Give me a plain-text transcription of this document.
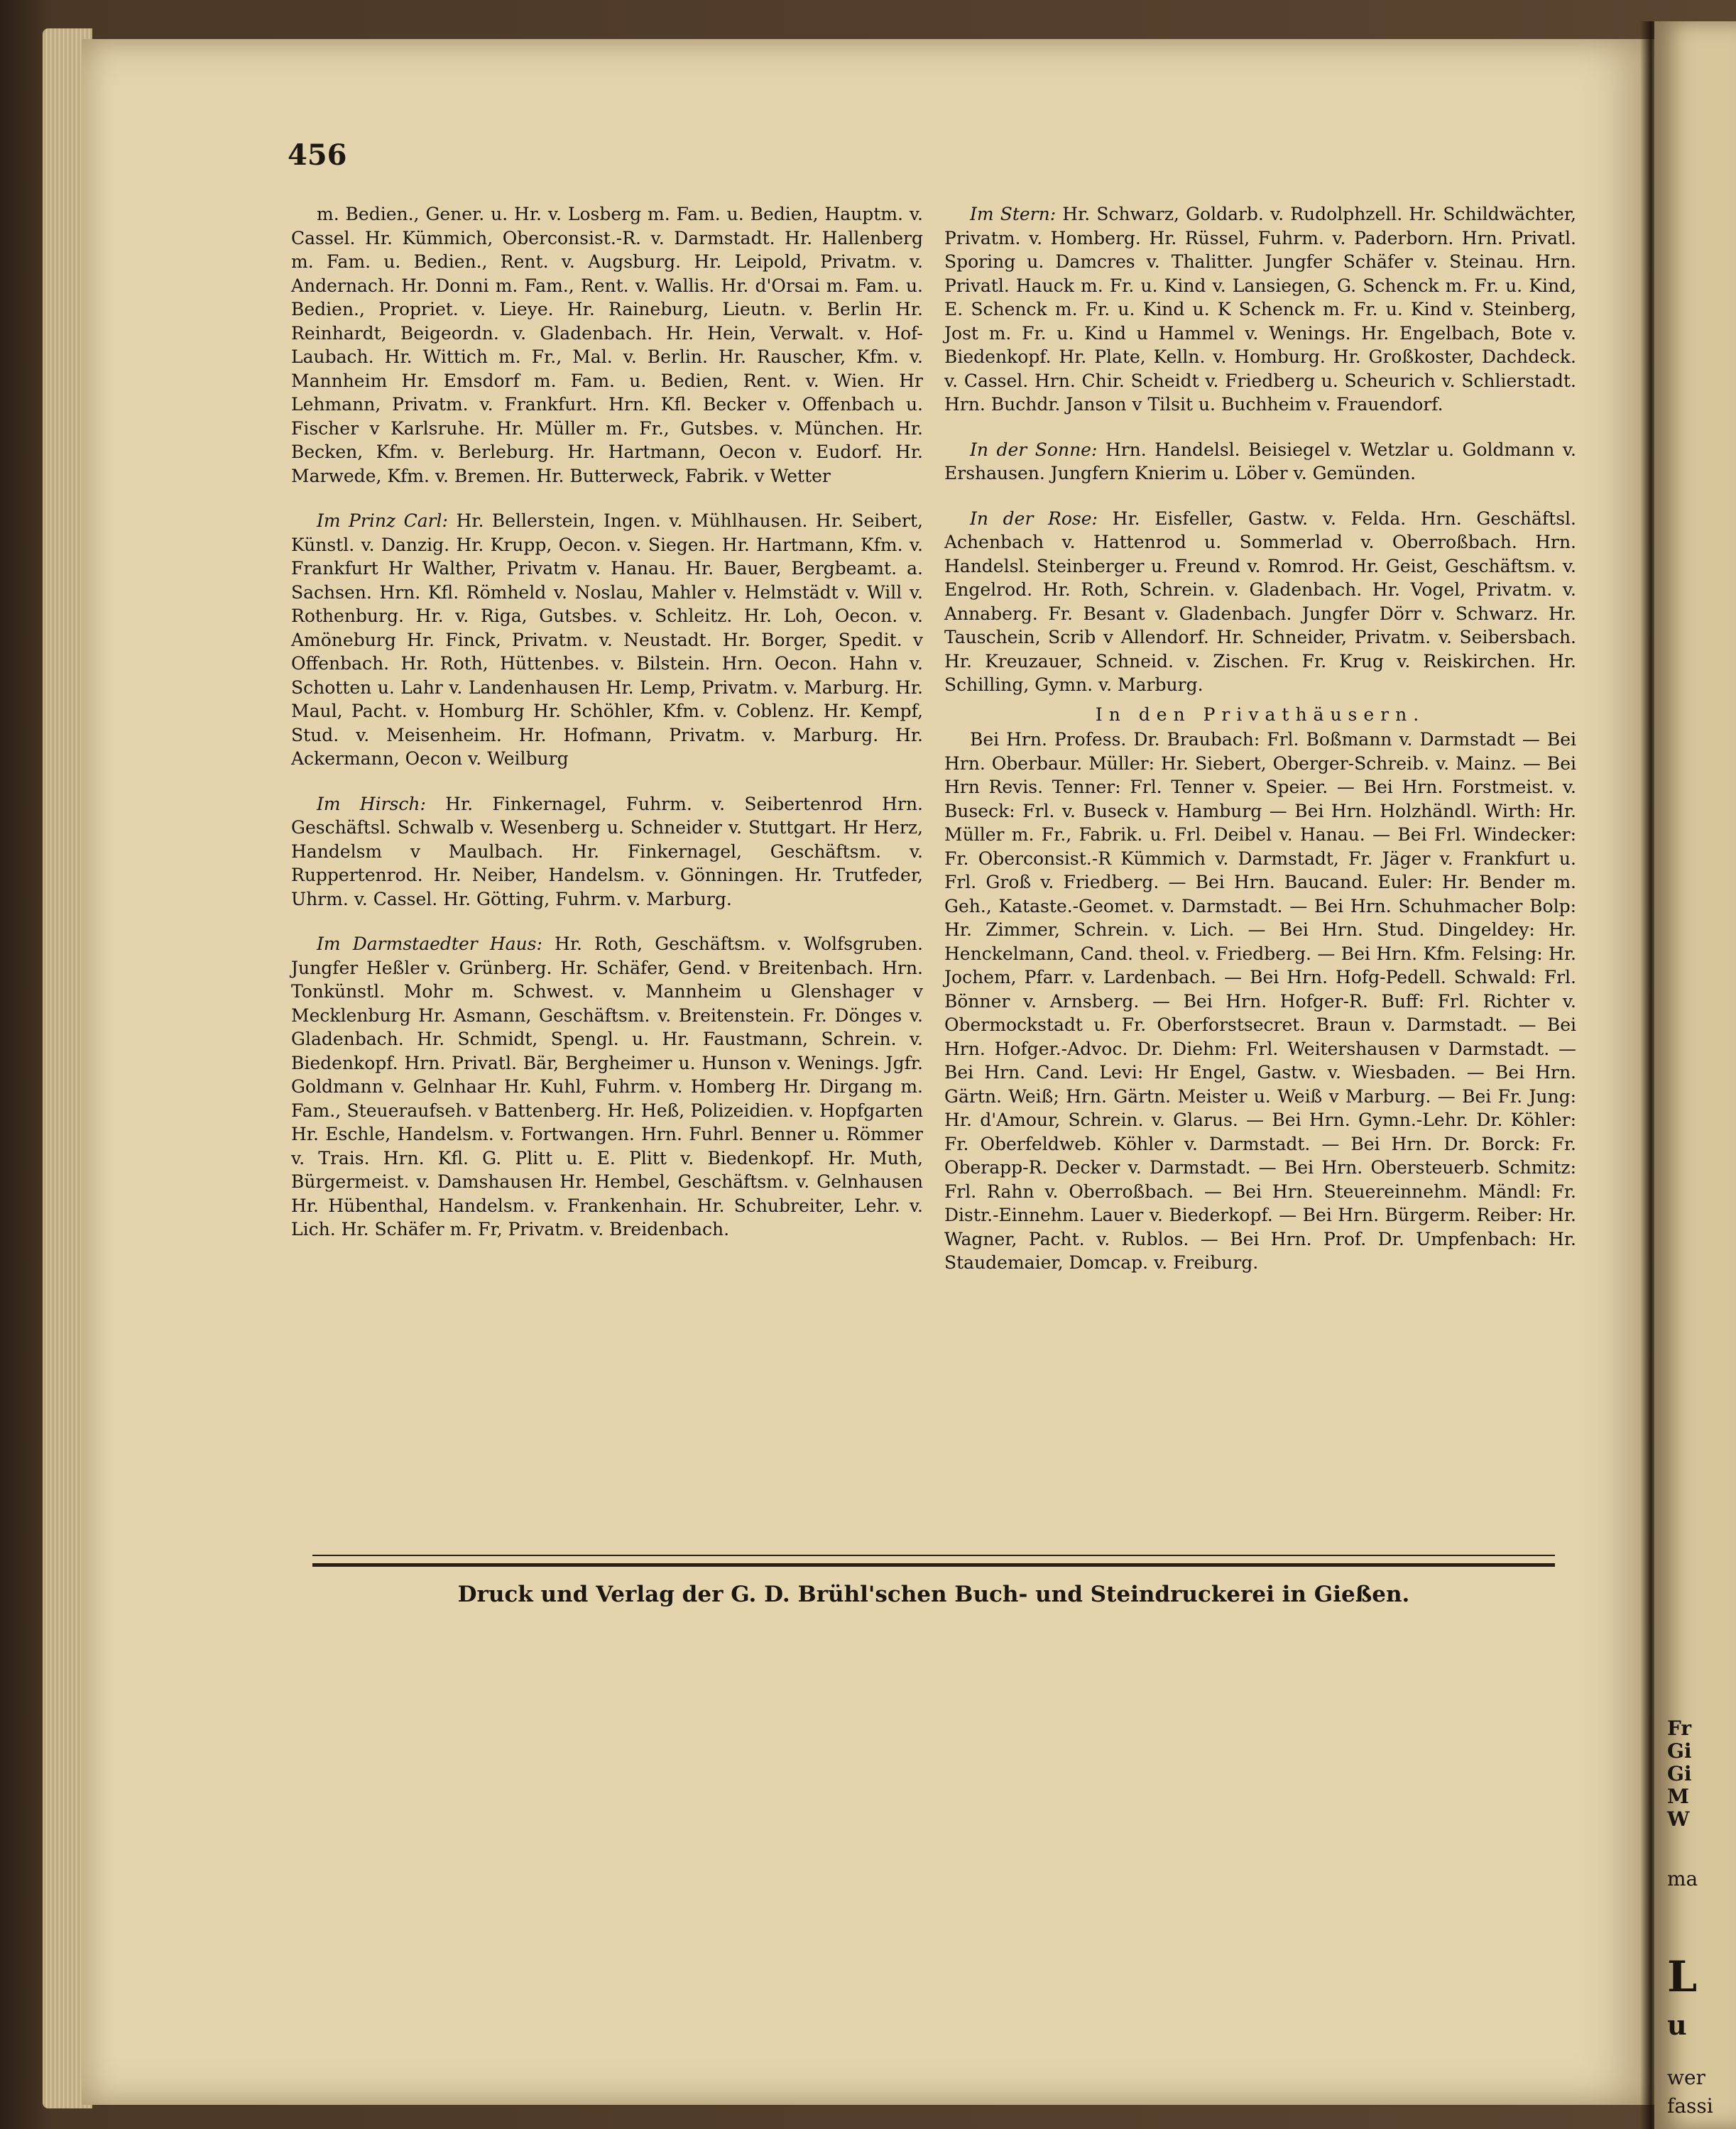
Fr
Gi
Gi
M
W
ma
L
u
wer
fassi
456

m. Bedien., Gener. u. Hr. v. Losberg m. Fam. u. Bedien, Hauptm. v. Cassel. Hr. Kümmich, Oberconsist.-R. v. Darmstadt. Hr. Hallenberg m. Fam. u. Bedien., Rent. v. Augsburg. Hr. Leipold, Privatm. v. Andernach. Hr. Donni m. Fam., Rent. v. Wallis. Hr. d'Orsai m. Fam. u. Bedien., Propriet. v. Lieye. Hr. Raineburg, Lieutn. v. Berlin Hr. Reinhardt, Beigeordn. v. Gladenbach. Hr. Hein, Verwalt. v. Hof-Laubach. Hr. Wittich m. Fr., Mal. v. Berlin. Hr. Rauscher, Kfm. v. Mannheim Hr. Emsdorf m. Fam. u. Bedien, Rent. v. Wien. Hr Lehmann, Privatm. v. Frankfurt. Hrn. Kfl. Becker v. Offenbach u. Fischer v Karlsruhe. Hr. Müller m. Fr., Gutsbes. v. München. Hr. Becken, Kfm. v. Berleburg. Hr. Hartmann, Oecon v. Eudorf. Hr. Marwede, Kfm. v. Bremen. Hr. Butterweck, Fabrik. v Wetter

Im Prinz Carl: Hr. Bellerstein, Ingen. v. Mühlhausen. Hr. Seibert, Künstl. v. Danzig. Hr. Krupp, Oecon. v. Siegen. Hr. Hartmann, Kfm. v. Frankfurt Hr Walther, Privatm v. Hanau. Hr. Bauer, Bergbeamt. a. Sachsen. Hrn. Kfl. Römheld v. Noslau, Mahler v. Helmstädt v. Will v. Rothenburg. Hr. v. Riga, Gutsbes. v. Schleitz. Hr. Loh, Oecon. v. Amöneburg Hr. Finck, Privatm. v. Neustadt. Hr. Borger, Spedit. v Offenbach. Hr. Roth, Hüttenbes. v. Bilstein. Hrn. Oecon. Hahn v. Schotten u. Lahr v. Landenhausen Hr. Lemp, Privatm. v. Marburg. Hr. Maul, Pacht. v. Homburg Hr. Schöhler, Kfm. v. Coblenz. Hr. Kempf, Stud. v. Meisenheim. Hr. Hofmann, Privatm. v. Marburg. Hr. Ackermann, Oecon v. Weilburg

Im Hirsch: Hr. Finkernagel, Fuhrm. v. Seibertenrod Hrn. Geschäftsl. Schwalb v. Wesenberg u. Schneider v. Stuttgart. Hr Herz, Handelsm v Maulbach. Hr. Finkernagel, Geschäftsm. v. Ruppertenrod. Hr. Neiber, Handelsm. v. Gönningen. Hr. Trutfeder, Uhrm. v. Cassel. Hr. Götting, Fuhrm. v. Marburg.

Im Darmstaedter Haus: Hr. Roth, Geschäftsm. v. Wolfsgruben. Jungfer Heßler v. Grünberg. Hr. Schäfer, Gend. v Breitenbach. Hrn. Tonkünstl. Mohr m. Schwest. v. Mannheim u Glenshager v Mecklenburg Hr. Asmann, Geschäftsm. v. Breitenstein. Fr. Dönges v. Gladenbach. Hr. Schmidt, Spengl. u. Hr. Faustmann, Schrein. v. Biedenkopf. Hrn. Privatl. Bär, Bergheimer u. Hunson v. Wenings. Jgfr. Goldmann v. Gelnhaar Hr. Kuhl, Fuhrm. v. Homberg Hr. Dirgang m. Fam., Steueraufseh. v Battenberg. Hr. Heß, Polizeidien. v. Hopfgarten Hr. Eschle, Handelsm. v. Fortwangen. Hrn. Fuhrl. Benner u. Römmer v. Trais. Hrn. Kfl. G. Plitt u. E. Plitt v. Biedenkopf. Hr. Muth, Bürgermeist. v. Damshausen Hr. Hembel, Geschäftsm. v. Gelnhausen Hr. Hübenthal, Handelsm. v. Frankenhain. Hr. Schubreiter, Lehr. v. Lich. Hr. Schäfer m. Fr, Privatm. v. Breidenbach.

Im Stern: Hr. Schwarz, Goldarb. v. Rudolphzell. Hr. Schildwächter, Privatm. v. Homberg. Hr. Rüssel, Fuhrm. v. Paderborn. Hrn. Privatl. Sporing u. Damcres v. Thalitter. Jungfer Schäfer v. Steinau. Hrn. Privatl. Hauck m. Fr. u. Kind v. Lansiegen, G. Schenck m. Fr. u. Kind, E. Schenck m. Fr. u. Kind u. K Schenck m. Fr. u. Kind v. Steinberg, Jost m. Fr. u. Kind u Hammel v. Wenings. Hr. Engelbach, Bote v. Biedenkopf. Hr. Plate, Kelln. v. Homburg. Hr. Großkoster, Dachdeck. v. Cassel. Hrn. Chir. Scheidt v. Friedberg u. Scheurich v. Schlierstadt. Hrn. Buchdr. Janson v Tilsit u. Buchheim v. Frauendorf.

In der Sonne: Hrn. Handelsl. Beisiegel v. Wetzlar u. Goldmann v. Ershausen. Jungfern Knierim u. Löber v. Gemünden.

In der Rose: Hr. Eisfeller, Gastw. v. Felda. Hrn. Geschäftsl. Achenbach v. Hattenrod u. Sommerlad v. Oberroßbach. Hrn. Handelsl. Steinberger u. Freund v. Romrod. Hr. Geist, Geschäftsm. v. Engelrod. Hr. Roth, Schrein. v. Gladenbach. Hr. Vogel, Privatm. v. Annaberg. Fr. Besant v. Gladenbach. Jungfer Dörr v. Schwarz. Hr. Tauschein, Scrib v Allendorf. Hr. Schneider, Privatm. v. Seibersbach. Hr. Kreuzauer, Schneid. v. Zischen. Fr. Krug v. Reiskirchen. Hr. Schilling, Gymn. v. Marburg.

In den Privathäusern.

Bei Hrn. Profess. Dr. Braubach: Frl. Boßmann v. Darmstadt — Bei Hrn. Oberbaur. Müller: Hr. Siebert, Oberger-Schreib. v. Mainz. — Bei Hrn Revis. Tenner: Frl. Tenner v. Speier. — Bei Hrn. Forstmeist. v. Buseck: Frl. v. Buseck v. Hamburg — Bei Hrn. Holzhändl. Wirth: Hr. Müller m. Fr., Fabrik. u. Frl. Deibel v. Hanau. — Bei Frl. Windecker: Fr. Oberconsist.-R Kümmich v. Darmstadt, Fr. Jäger v. Frankfurt u. Frl. Groß v. Friedberg. — Bei Hrn. Baucand. Euler: Hr. Bender m. Geh., Kataste.-Geomet. v. Darmstadt. — Bei Hrn. Schuhmacher Bolp: Hr. Zimmer, Schrein. v. Lich. — Bei Hrn. Stud. Dingeldey: Hr. Henckelmann, Cand. theol. v. Friedberg. — Bei Hrn. Kfm. Felsing: Hr. Jochem, Pfarr. v. Lardenbach. — Bei Hrn. Hofg-Pedell. Schwald: Frl. Bönner v. Arnsberg. — Bei Hrn. Hofger-R. Buff: Frl. Richter v. Obermockstadt u. Fr. Oberforstsecret. Braun v. Darmstadt. — Bei Hrn. Hofger.-Advoc. Dr. Diehm: Frl. Weitershausen v Darmstadt. — Bei Hrn. Cand. Levi: Hr Engel, Gastw. v. Wiesbaden. — Bei Hrn. Gärtn. Weiß; Hrn. Gärtn. Meister u. Weiß v Marburg. — Bei Fr. Jung: Hr. d'Amour, Schrein. v. Glarus. — Bei Hrn. Gymn.-Lehr. Dr. Köhler: Fr. Oberfeldweb. Köhler v. Darmstadt. — Bei Hrn. Dr. Borck: Fr. Oberapp-R. Decker v. Darmstadt. — Bei Hrn. Obersteuerb. Schmitz: Frl. Rahn v. Oberroßbach. — Bei Hrn. Steuereinnehm. Mändl: Fr. Distr.-Einnehm. Lauer v. Biederkopf. — Bei Hrn. Bürgerm. Reiber: Hr. Wagner, Pacht. v. Rublos. — Bei Hrn. Prof. Dr. Umpfenbach: Hr. Staudemaier, Domcap. v. Freiburg.

Druck und Verlag der G. D. Brühl'schen Buch- und Steindruckerei in Gießen.
